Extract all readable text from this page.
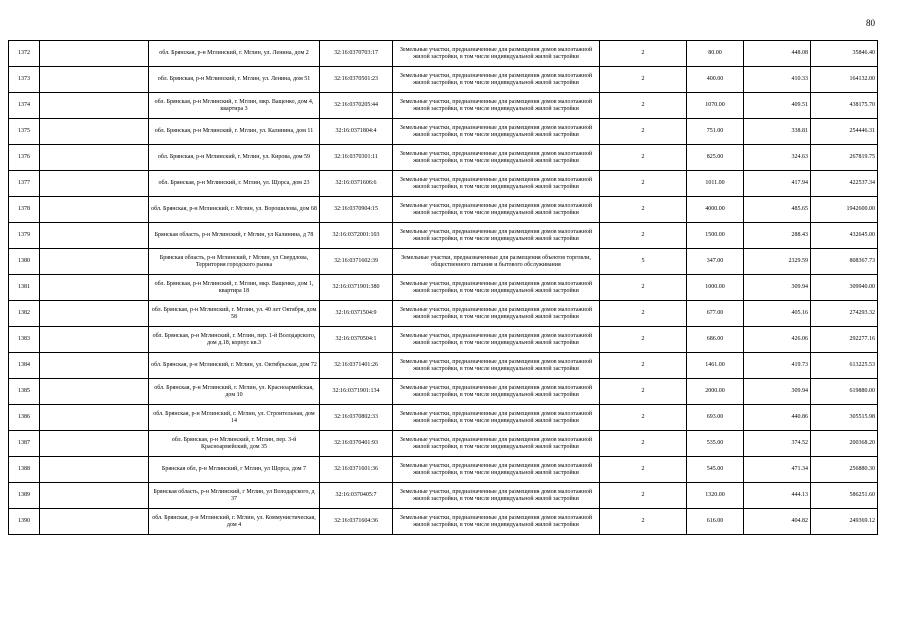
80
1372		обл. Брянская, р-н Мглинский, г. Мглин, ул. Ленина, дом 2	32:16:0370703:17	Земельные участки, предназначенные для размещения домов малоэтажной жилой застройки, в том числе индивидуальной жилой застройки	2	80.00	448.08	35846.40
1373		обл. Брянская, р-н Мглинский, г. Мглин, ул. Ленина, дом 51	32:16:0370501:23	Земельные участки, предназначенные для размещения домов малоэтажной жилой застройки, в том числе индивидуальной жилой застройки	2	400.00	410.33	164132.00
1374		обл. Брянская, р-н Мглинский, г. Мглин, мкр. Ващенко, дом 4, квартира 3	32:16:0370205:44	Земельные участки, предназначенные для размещения домов малоэтажной жилой застройки, в том числе индивидуальной жилой застройки	2	1070.00	409.51	438175.70
1375		обл. Брянская, р-н Мглинский, г. Мглин, ул. Калинина, дом 11	32:16:0371804:4	Земельные участки, предназначенные для размещения домов малоэтажной жилой застройки, в том числе индивидуальной жилой застройки	2	751.00	338.81	254446.31
1376		обл. Брянская, р-н Мглинский, г. Мглин, ул. Кирова, дом 59	32:16:0370301:11	Земельные участки, предназначенные для размещения домов малоэтажной жилой застройки, в том числе индивидуальной жилой застройки	2	825.00	324.63	267819.75
1377		обл. Брянская, р-н Мглинский, г. Мглин, ул. Щорса, дом 23	32:16:0371606:6	Земельные участки, предназначенные для размещения домов малоэтажной жилой застройки, в том числе индивидуальной жилой застройки	2	1011.00	417.94	422537.34
1378		обл. Брянская, р-н Мглинский, г. Мглин, ул. Ворошилова, дом 68	32:16:0370904:15	Земельные участки, предназначенные для размещения домов малоэтажной жилой застройки, в том числе индивидуальной жилой застройки	2	4000.00	485.65	1942600.00
1379		Брянская область, р-н Мглинский, г Мглин, ул Калинина, д 78	32:16:0372001:103	Земельные участки, предназначенные для размещения домов малоэтажной жилой застройки, в том числе индивидуальной жилой застройки	2	1500.00	288.43	432645.00
1380		Брянская область, р-н Мглинский, г Мглин, ул Свердлова, Территория городского рынка	32:16:0371602:39	Земельные участки, предназначенные для размещения объектов торговли, общественного питания и бытового обслуживания	5	347.00	2329.59	808367.73
1381		обл. Брянская, р-н Мглинский, г. Мглин, мкр. Ващенко, дом 1, квартира 18	32:16:0371901:380	Земельные участки, предназначенные для размещения домов малоэтажной жилой застройки, в том числе индивидуальной жилой застройки	2	1000.00	309.94	309940.00
1382		обл. Брянская, р-н Мглинский, г. Мглин, ул. 40 лет Октября, дом 58	32:16:0371504:9	Земельные участки, предназначенные для размещения домов малоэтажной жилой застройки, в том числе индивидуальной жилой застройки	2	677.00	405.16	274293.32
1383		обл. Брянская, р-н Мглинский, г. Мглин, пер. 1-й Володарского, дом д.18, корпус кв.3	32:16:0370504:1	Земельные участки, предназначенные для размещения домов малоэтажной жилой застройки, в том числе индивидуальной жилой застройки	2	686.00	426.06	292277.16
1384		обл. Брянская, р-н Мглинский, г. Мглин, ул. Октябрьская, дом 72	32:16:0371401:26	Земельные участки, предназначенные для размещения домов малоэтажной жилой застройки, в том числе индивидуальной жилой застройки	2	1461.00	419.73	613225.53
1385		обл. Брянская, р-н Мглинский, г. Мглин, ул. Красноармейская, дом 10	32:16:0371901:134	Земельные участки, предназначенные для размещения домов малоэтажной жилой застройки, в том числе индивидуальной жилой застройки	2	2000.00	309.94	619880.00
1386		обл. Брянская, р-н Мглинский, г. Мглин, ул. Строительная, дом 14	32:16:0370802:33	Земельные участки, предназначенные для размещения домов малоэтажной жилой застройки, в том числе индивидуальной жилой застройки	2	693.00	440.86	305515.98
1387		обл. Брянская, р-н Мглинский, г. Мглин, пер. 3-й Красноармейский, дом 35	32:16:0370401:93	Земельные участки, предназначенные для размещения домов малоэтажной жилой застройки, в том числе индивидуальной жилой застройки	2	535.00	374.52	200368.20
1388		Брянская обл, р-н Мглинский, г Мглин, ул Щорса, дом 7	32:16:0371601:36	Земельные участки, предназначенные для размещения домов малоэтажной жилой застройки, в том числе индивидуальной жилой застройки	2	545.00	471.34	256880.30
1389		Брянская область, р-н Мглинский, г Мглин, ул Володарского, д 37	32:16:0370405:7	Земельные участки, предназначенные для размещения домов малоэтажной жилой застройки, в том числе индивидуальной жилой застройки	2	1320.00	444.13	586251.60
1390		обл. Брянская, р-н Мглинский, г. Мглин, ул. Коммунистическая, дом 4	32:16:0371604:36	Земельные участки, предназначенные для размещения домов малоэтажной жилой застройки, в том числе индивидуальной жилой застройки	2	616.00	404.82	249369.12
